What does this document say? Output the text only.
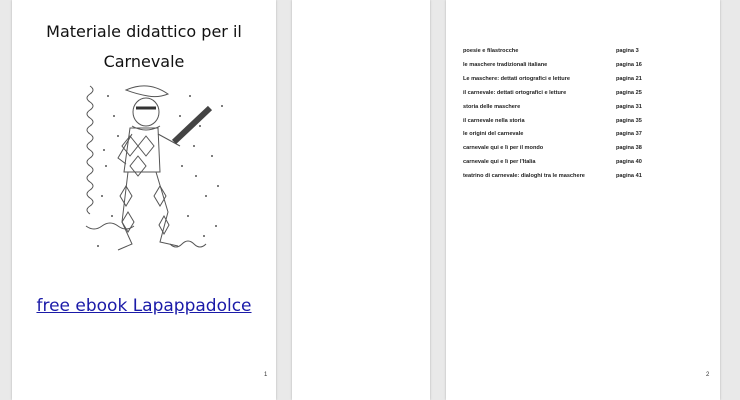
Materiale didattico per il
Carnevale
free ebook Lapappadolce
1
poesie e filastrocche	pagina 3
le maschere tradizionali italiane	pagina 16
Le maschere: dettati ortografici e letture	pagina 21
il carnevale: dettati ortografici e letture	pagina 25
storia delle maschere	pagina 31
il carnevale nella storia	pagina 35
le origini del carnevale	pagina 37
carnevale qui e lì per il mondo	pagina 38
carnevale qui e lì per l'Italia	pagina 40
teatrino di carnevale: dialoghi tra le maschere	pagina 41
2
